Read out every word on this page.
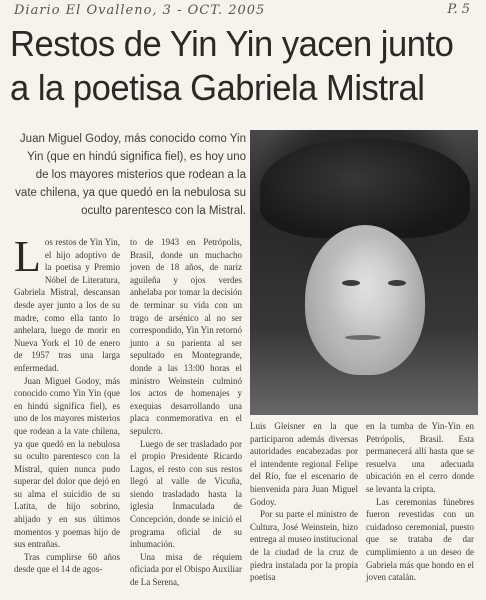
Diario El Ovalleno, 3 - OCT. 2005	P. 5
Restos de Yin Yin yacen junto
a la poetisa Gabriela Mistral
Juan Miguel Godoy, más conocido como Yin Yin (que en hindú significa fiel), es hoy uno de los mayores misterios que rodean a la vate chilena, ya que quedó en la nebulosa su oculto parentesco con la Mistral.

Los restos de Yin Yin, el hijo adoptivo de la poetisa y Premio Nóbel de Literatura, Gabriela Mistral, descansan desde ayer junto a los de su madre, como ella tanto lo anhelara, luego de morir en Nueva York el 10 de enero de 1957 tras una larga enfermedad.

Juan Miguel Godoy, más conocido como Yin Yin (que en hindú significa fiel), es uno de los mayores misterios que rodean a la vate chilena, ya que quedó en la nebulosa su oculto parentesco con la Mistral, quien nunca pudo superar del dolor que dejó en su alma el suicidio de su Latita, de hijo sobrino, ahijado y en sus últimos momentos y poemas hijo de sus entrañas.

Tras cumplirse 60 años desde que el 14 de agos-

to de 1943 en Petrópolis, Brasil, donde un muchacho joven de 18 años, de nariz aguileña y ojos verdes anhelaba por tomar la decisión de terminar su vida con un trago de arsénico al no ser correspondido, Yin Yin retornó junto a su parienta al ser sepultado en Montegrande, donde a las 13:00 horas el ministro Weinstein culminó los actos de homenajes y exequias desarrollando una placa conmemorativa en el sepulcro.

Luego de ser trasladado por el propio Presidente Ricardo Lagos, el resto con sus restos llegó al valle de Vicuña, siendo trasladado hasta la iglesia Inmaculada de Concepción, donde se inició el programa oficial de su inhumación.

Una misa de réquiem oficiada por el Obispo Auxiliar de La Serena,

Luis Gleisner en la que participaron además diversas autoridades encabezadas por el intendente regional Felipe del Río, fue el escenario de bienvenida para Juan Miguel Godoy.

Por su parte el ministro de Cultura, José Weinstein, hizo entrega al museo institucional de la ciudad de la cruz de piedra instalada por la propia poetisa

en la tumba de Yin-Yin en Petrópolis, Brasil. Esta permanecerá allí hasta que se resuelva una adecuada ubicación en el cerro donde se levanta la cripta.

Las ceremonias fúnebres fueron revestidas con un cuidadoso ceremonial, puesto que se trataba de dar cumplimiento a un deseo de Gabriela más que hondo en el joven catalán.
